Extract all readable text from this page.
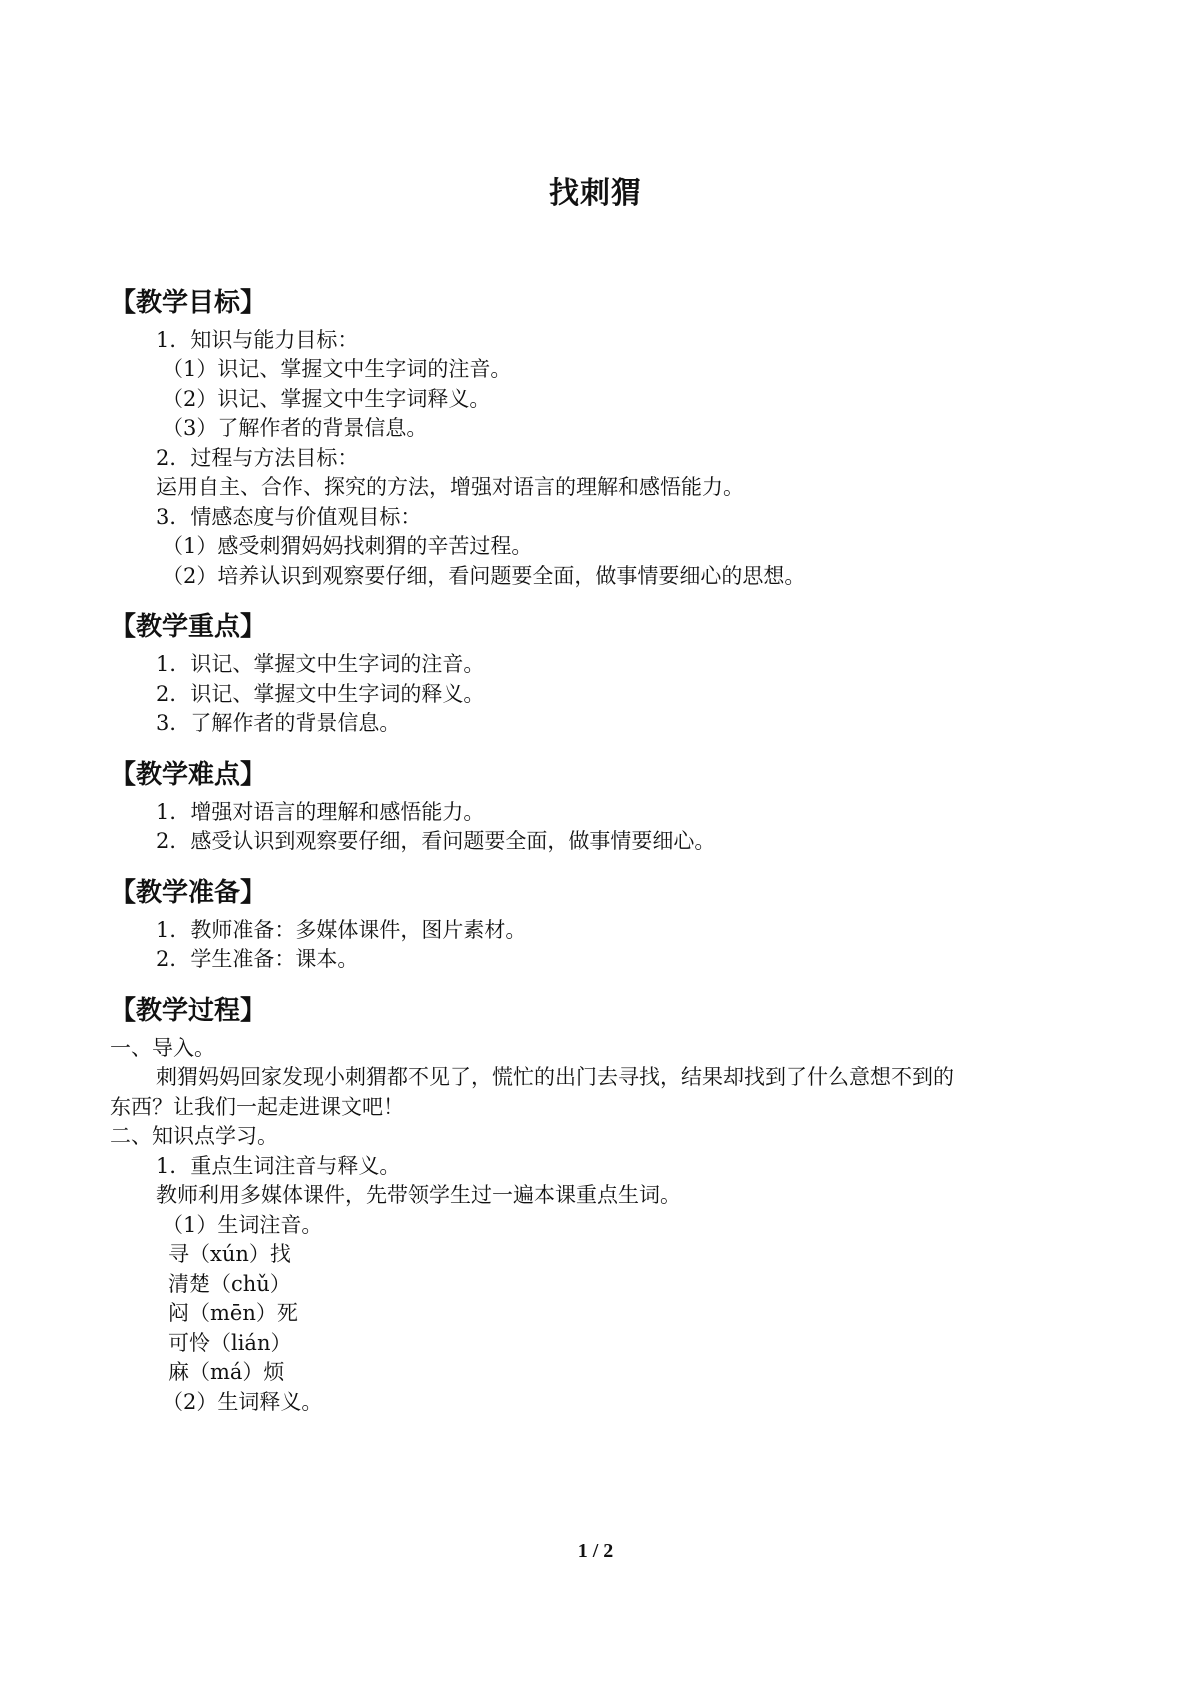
找刺猬
【教学目标】
1．知识与能力目标：
（1）识记、掌握文中生字词的注音。
（2）识记、掌握文中生字词释义。
（3）了解作者的背景信息。
2．过程与方法目标：
运用自主、合作、探究的方法，增强对语言的理解和感悟能力。
3．情感态度与价值观目标：
（1）感受刺猬妈妈找刺猬的辛苦过程。
（2）培养认识到观察要仔细，看问题要全面，做事情要细心的思想。
【教学重点】
1．识记、掌握文中生字词的注音。
2．识记、掌握文中生字词的释义。
3．了解作者的背景信息。
【教学难点】
1．增强对语言的理解和感悟能力。
2．感受认识到观察要仔细，看问题要全面，做事情要细心。
【教学准备】
1．教师准备：多媒体课件，图片素材。
2．学生准备：课本。
【教学过程】
一、导入。
刺猬妈妈回家发现小刺猬都不见了，慌忙的出门去寻找，结果却找到了什么意想不到的
东西？让我们一起走进课文吧！
二、知识点学习。
1．重点生词注音与释义。
教师利用多媒体课件，先带领学生过一遍本课重点生词。
（1）生词注音。
寻（xún）找
清楚（chǔ）
闷（mēn）死
可怜（lián）
麻（má）烦
（2）生词释义。
1 / 2
